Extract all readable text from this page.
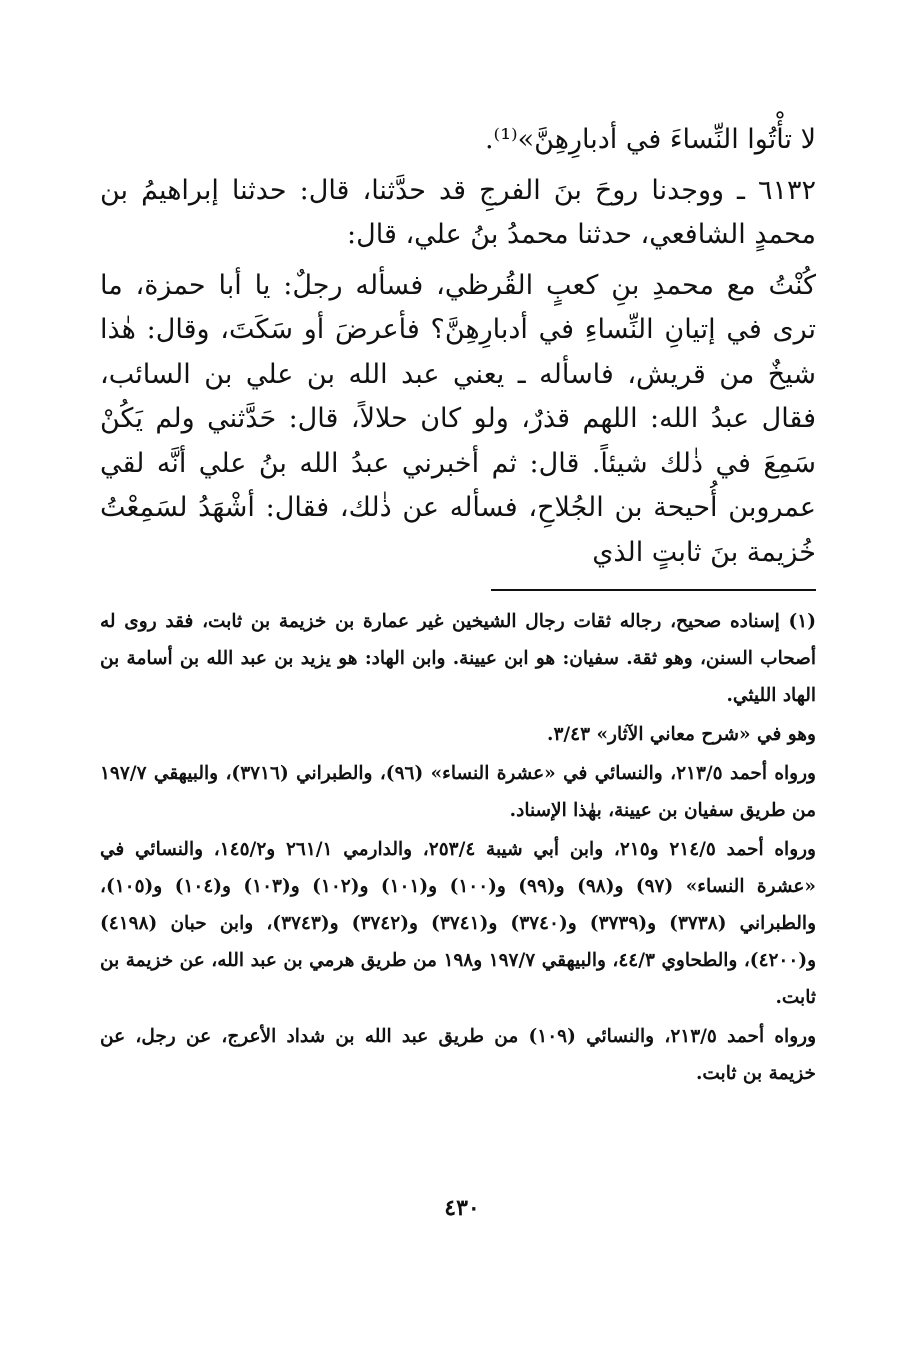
لا تأْتُوا النِّساءَ في أدبارِهِنَّ»⁽¹⁾.

٦١٣٢ ـ ووجدنا روحَ بنَ الفرجِ قد حدَّثنا، قال: حدثنا إبراهيمُ بن محمدٍ الشافعي، حدثنا محمدُ بنُ علي، قال:

كُنْتُ مع محمدِ بنِ كعبٍ القُرظي، فسأله رجلٌ: يا أبا حمزة، ما ترى في إتيانِ النِّساءِ في أدبارِهِنَّ؟ فأعرضَ أو سَكَتَ، وقال: هٰذا شيخٌ من قريش، فاسأله ـ يعني عبد الله بن علي بن السائب، فقال عبدُ الله: اللهم قذرٌ، ولو كان حلالاً، قال: حَدَّثني ولم يَكُنْ سَمِعَ في ذٰلك شيئاً. قال: ثم أخبرني عبدُ الله بنُ علي أنَّه لقي عمروبن أُحيحة بن الجُلاحِ، فسأله عن ذٰلك، فقال: أشْهَدُ لسَمِعْتُ خُزيمة بنَ ثابتٍ الذي

(١) إسناده صحيح، رجاله ثقات رجال الشيخين غير عمارة بن خزيمة بن ثابت، فقد روى له أصحاب السنن، وهو ثقة. سفيان: هو ابن عيينة. وابن الهاد: هو يزيد بن عبد الله بن أسامة بن الهاد الليثي.

وهو في «شرح معاني الآثار» ٣/٤٣.

ورواه أحمد ٢١٣/٥، والنسائي في «عشرة النساء» (٩٦)، والطبراني (٣٧١٦)، والبيهقي ١٩٧/٧ من طريق سفيان بن عيينة، بهٰذا الإسناد.

ورواه أحمد ٢١٤/٥ و٢١٥، وابن أبي شيبة ٢٥٣/٤، والدارمي ٢٦١/١ و١٤٥/٢، والنسائي في «عشرة النساء» (٩٧) و(٩٨) و(٩٩) و(١٠٠) و(١٠١) و(١٠٢) و(١٠٣) و(١٠٤) و(١٠٥)، والطبراني (٣٧٣٨) و(٣٧٣٩) و(٣٧٤٠) و(٣٧٤١) و(٣٧٤٢) و(٣٧٤٣)، وابن حبان (٤١٩٨) و(٤٢٠٠)، والطحاوي ٤٤/٣، والبيهقي ١٩٧/٧ و١٩٨ من طريق هرمي بن عبد الله، عن خزيمة بن ثابت.

ورواه أحمد ٢١٣/٥، والنسائي (١٠٩) من طريق عبد الله بن شداد الأعرج، عن رجل، عن خزيمة بن ثابت.

٤٣٠
